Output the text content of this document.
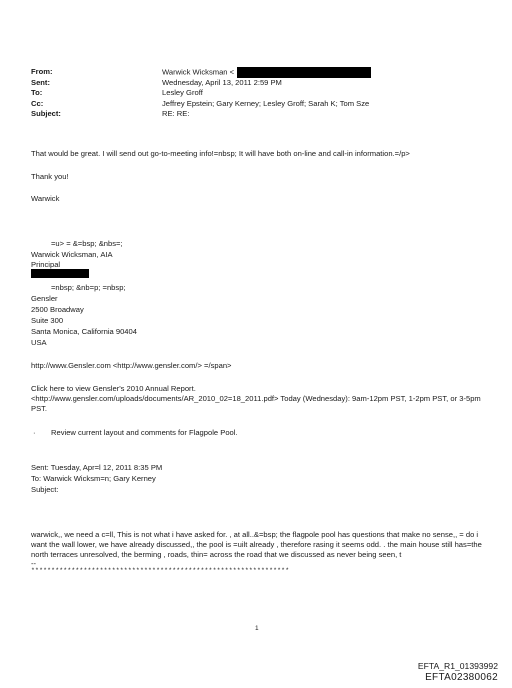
From:	Warwick Wicksman <
Sent:	Wednesday, April 13, 2011 2:59 PM
To:	Lesley Groff
Cc:	Jeffrey Epstein; Gary Kerney; Lesley Groff; Sarah K; Tom Sze
Subject:	RE: RE:
That would be great. I will send out go-to-meeting info!=nbsp; It will have both on-line and call-in information.=/p>
Thank you!
Warwick
=u> = &=bsp; &nbs=;
Warwick Wicksman, AIA
Principal
=nbsp; &nb=p; =nbsp;
Gensler
2500 Broadway
Suite 300
Santa Monica, California 90404
USA
http://www.Gensler.com <http://www.gensler.com/> =/span>
Click here to view Gensler's 2010 Annual Report.
<http://www.gensler.com/uploads/documents/AR_2010_02=18_2011.pdf> Today (Wednesday): 9am-12pm PST, 1-2pm PST, or 3-5pm PST.
· Review current layout and comments for Flagpole Pool.
Sent: Tuesday, Apr=l 12, 2011 8:35 PM
To: Warwick Wicksm=n; Gary Kerney
Subject:
warwick,, we need a c=ll, This is not what i have asked for. , at all..&=bsp; the flagpole pool has questions that make no sense,, = do i want the wall lower, we have already discussed,, the pool is =uilt already , therefore rasing it seems odd. . the main house still has=the north terraces unresolved, the berming , roads, thin= across the road that we discussed as never being seen, t
--
****************************************************************
1
EFTA_R1_01393992
EFTA02380062
